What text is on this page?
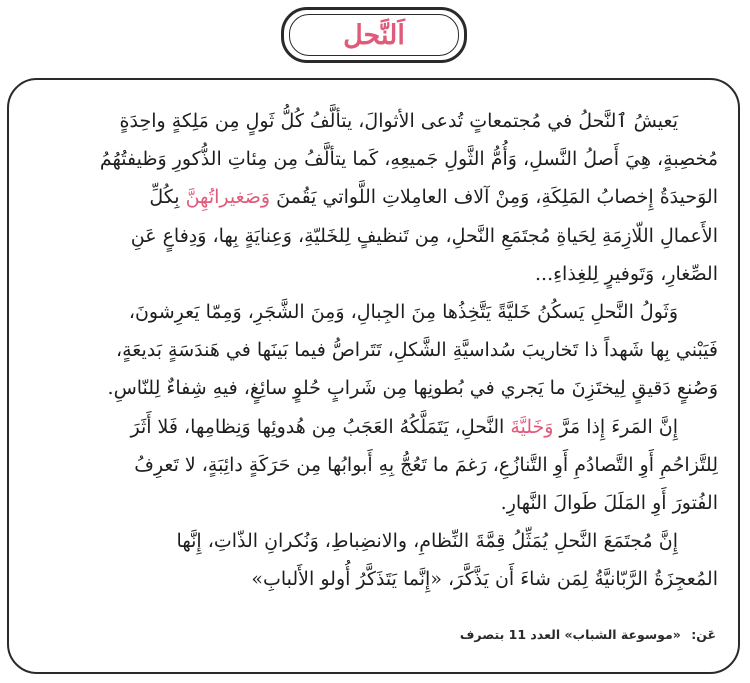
اَلنَّحل
يَعيشُ ٱلنَّحلُ في مُجتمعاتٍ تُدعى الأثوالَ، يتألَّفُ كُلُّ ثَولٍ مِن مَلِكةٍ واحِدَةٍ
مُخصِبةٍ، هِيَ أَصلُ النَّسلِ، وَأُمُّ الثَّولِ جَميعِهِ، كَما يتألَّفُ مِن مِئاتِ الذُّكورِ وَظيفتُهُمُ
الوَحيدَةُ إِخصابُ المَلِكَةِ، وَمِنْ آلاف العامِلاتِ اللَّواتي يَقُمنَ وَصَغيراتُهِنَّ بِكُلِّ
الأَعمالِ اللّازِمَةِ لِحَياةِ مُجتَمَعِ النَّحلِ، مِن تَنظيفٍ لِلخَليّةِ، وَعِنايَةٍ بِها، وَدِفاعٍ عَنِ
الصِّغارِ، وَتَوفيرٍ لِلغِذاءِ...
وَثَولُ النَّحلِ يَسكُنُ خَليَّةً يَتَّخِذُها مِنَ الجِبالِ، وَمِنَ الشَّجَرِ، وَمِمّا يَعرِشونَ،
فَيَبْني بِها شَهداً ذا تَخاريبَ سُداسيَّةِ الشَّكلِ، تَتَراصُّ فيما بَينَها في هَندَسَةٍ بَديعَةٍ،
وَصُنعٍ دَقيقٍ لِيختَزِنَ ما يَجري في بُطونِها مِن شَرابٍ حُلوٍ سائِغٍ، فيهِ شِفاءٌ لِلنّاسِ.
إِنَّ المَرءَ إِذا مَرَّ وَخَليَّةَ النَّحلِ، يَتَمَلَّكُهُ العَجَبُ مِن هُدوئِها وَنِظامِها، فَلا أَثَرَ
لِلتَّزاحُمِ أَوِ التَّصادُمِ أَوِ التَّنازُعِ، رَغمَ ما تَعُجُّ بِهِ أَبوابُها مِن حَرَكَةٍ دائِبَةٍ، لا تَعرِفُ
الفُتورَ أَوِ المَلَلَ طَوالَ النَّهارِ.
إِنَّ مُجتَمَعَ النَّحلِ يُمَثِّلُ قِمَّةَ النِّظامِ، والانضِباطِ، وَنُكرانِ الذّاتِ، إِنَّها
المُعجِزَةُ الرَّبّانيَّةُ لِمَن شاءَ أَن يَذَّكَّرَ، «إِنَّما يَتَذَكَّرُ أُولو الأَلبابِ»
عَن: «موسوعة الشباب» العدد 11 بتصرف
